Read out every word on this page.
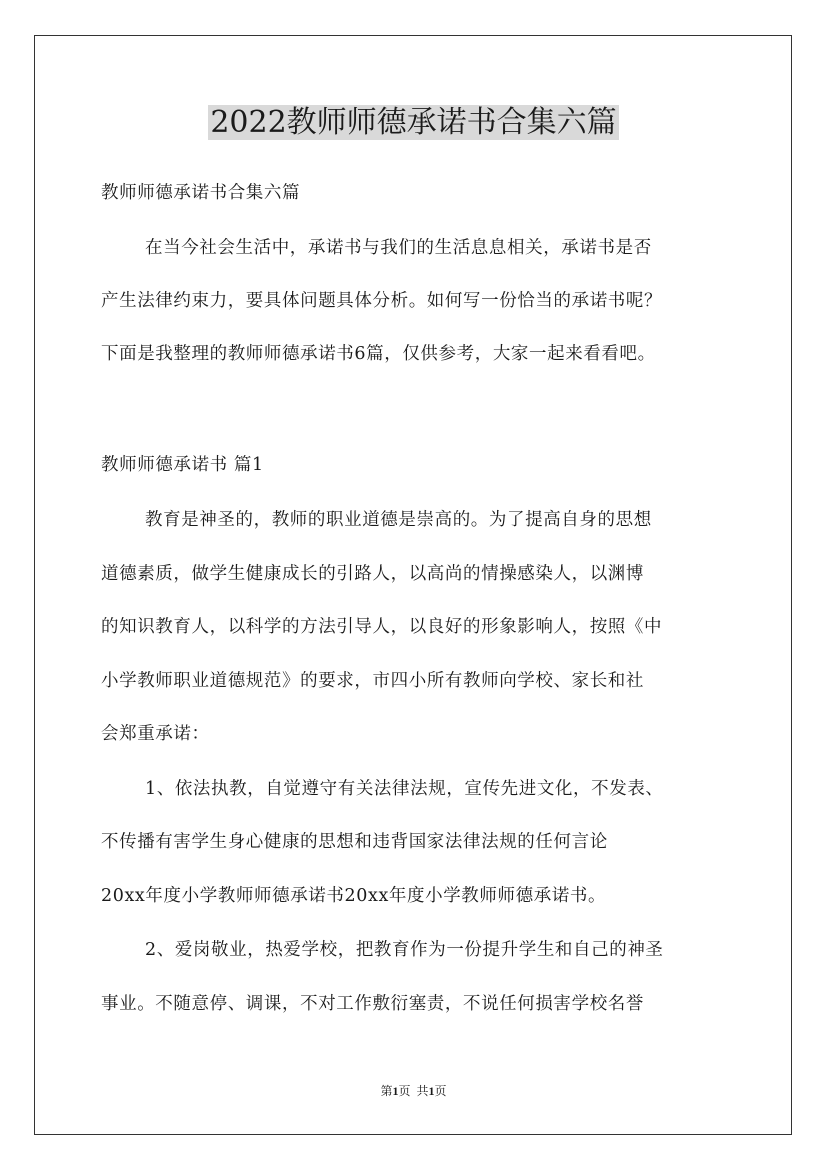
2022教师师德承诺书合集六篇
教师师德承诺书合集六篇
在当今社会生活中，承诺书与我们的生活息息相关，承诺书是否
产生法律约束力，要具体问题具体分析。如何写一份恰当的承诺书呢？
下面是我整理的教师师德承诺书6篇，仅供参考，大家一起来看看吧。
教师师德承诺书 篇1
教育是神圣的，教师的职业道德是崇高的。为了提高自身的思想
道德素质，做学生健康成长的引路人，以高尚的情操感染人，以渊博
的知识教育人，以科学的方法引导人，以良好的形象影响人，按照《中
小学教师职业道德规范》的要求，市四小所有教师向学校、家长和社
会郑重承诺：
1、依法执教，自觉遵守有关法律法规，宣传先进文化，不发表、
不传播有害学生身心健康的思想和违背国家法律法规的任何言论
20xx年度小学教师师德承诺书20xx年度小学教师师德承诺书。
2、爱岗敬业，热爱学校，把教育作为一份提升学生和自己的神圣
事业。不随意停、调课，不对工作敷衍塞责，不说任何损害学校名誉
第1页 共1页
